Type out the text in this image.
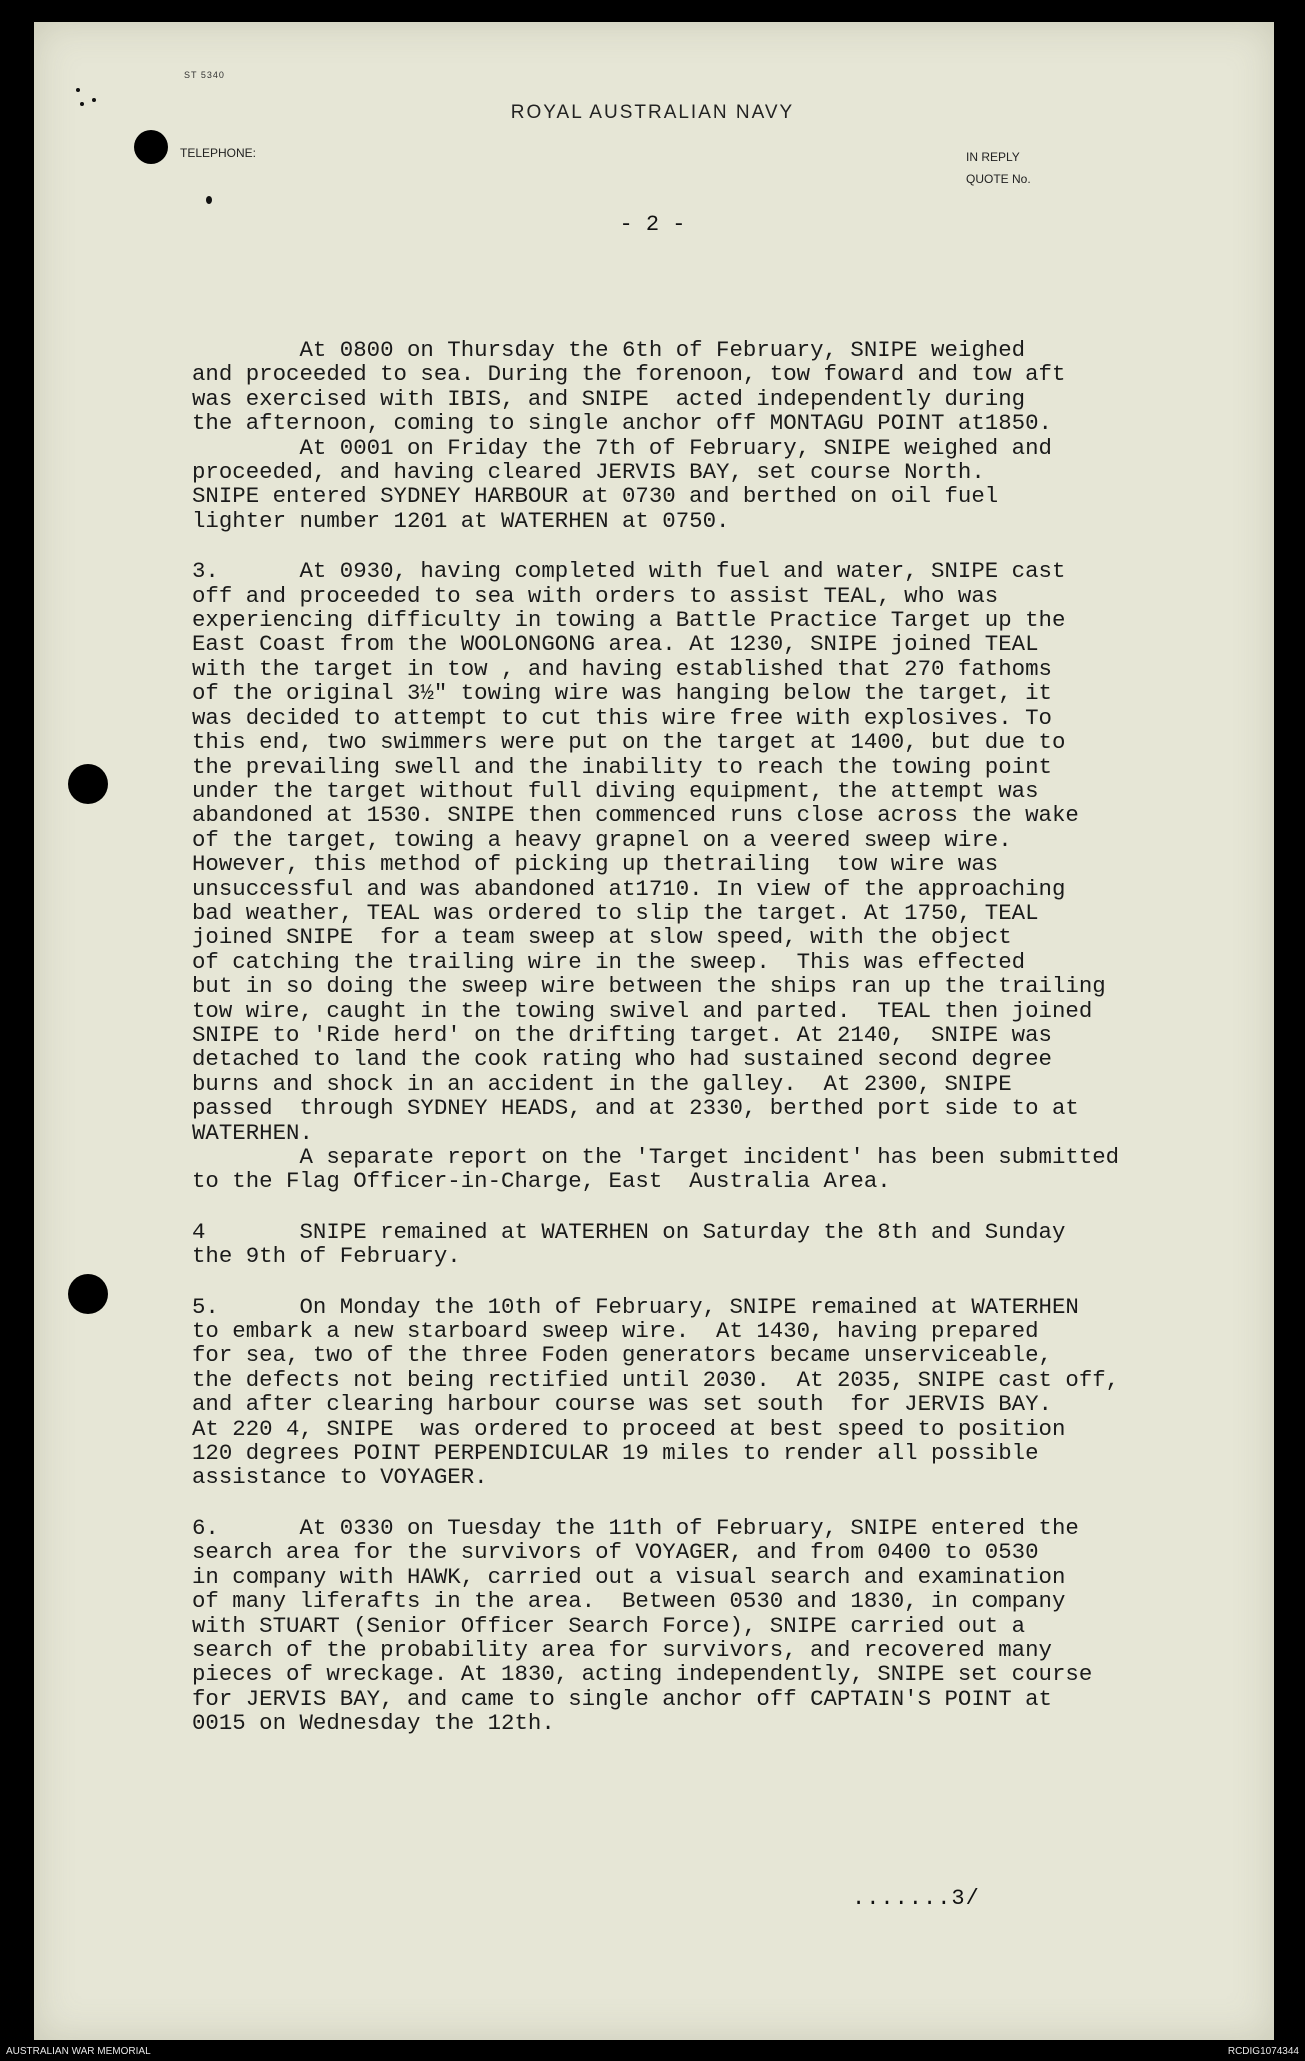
ST 5340
ROYAL AUSTRALIAN NAVY
TELEPHONE:	IN REPLY
QUOTE No.
- 2 -

At 0800 on Thursday the 6th of February, SNIPE weighed
and proceeded to sea. During the forenoon, tow foward and tow aft
was exercised with IBIS, and SNIPE  acted independently during
the afternoon, coming to single anchor off MONTAGU POINT at1850.
At 0001 on Friday the 7th of February, SNIPE weighed and
proceeded, and having cleared JERVIS BAY, set course North.
SNIPE entered SYDNEY HARBOUR at 0730 and berthed on oil fuel
lighter number 1201 at WATERHEN at 0750.

3.      At 0930, having completed with fuel and water, SNIPE cast
off and proceeded to sea with orders to assist TEAL, who was
experiencing difficulty in towing a Battle Practice Target up the
East Coast from the WOOLONGONG area. At 1230, SNIPE joined TEAL
with the target in tow , and having established that 270 fathoms
of the original 3½" towing wire was hanging below the target, it
was decided to attempt to cut this wire free with explosives. To
this end, two swimmers were put on the target at 1400, but due to
the prevailing swell and the inability to reach the towing point
under the target without full diving equipment, the attempt was
abandoned at 1530. SNIPE then commenced runs close across the wake
of the target, towing a heavy grapnel on a veered sweep wire.
However, this method of picking up thetrailing  tow wire was
unsuccessful and was abandoned at1710. In view of the approaching
bad weather, TEAL was ordered to slip the target. At 1750, TEAL
joined SNIPE  for a team sweep at slow speed, with the object
of catching the trailing wire in the sweep.  This was effected
but in so doing the sweep wire between the ships ran up the trailing
tow wire, caught in the towing swivel and parted.  TEAL then joined
SNIPE to 'Ride herd' on the drifting target. At 2140,  SNIPE was
detached to land the cook rating who had sustained second degree
burns and shock in an accident in the galley.  At 2300, SNIPE
passed  through SYDNEY HEADS, and at 2330, berthed port side to at
WATERHEN.
A separate report on the 'Target incident' has been submitted
to the Flag Officer-in-Charge, East  Australia Area.

4       SNIPE remained at WATERHEN on Saturday the 8th and Sunday
the 9th of February.

5.      On Monday the 10th of February, SNIPE remained at WATERHEN
to embark a new starboard sweep wire.  At 1430, having prepared
for sea, two of the three Foden generators became unserviceable,
the defects not being rectified until 2030.  At 2035, SNIPE cast off,
and after clearing harbour course was set south  for JERVIS BAY.
At 220 4, SNIPE  was ordered to proceed at best speed to position
120 degrees POINT PERPENDICULAR 19 miles to render all possible
assistance to VOYAGER.

6.      At 0330 on Tuesday the 11th of February, SNIPE entered the
search area for the survivors of VOYAGER, and from 0400 to 0530
in company with HAWK, carried out a visual search and examination
of many liferafts in the area.  Between 0530 and 1830, in company
with STUART (Senior Officer Search Force), SNIPE carried out a
search of the probability area for survivors, and recovered many
pieces of wreckage. At 1830, acting independently, SNIPE set course
for JERVIS BAY, and came to single anchor off CAPTAIN'S POINT at
0015 on Wednesday the 12th.

.......3/
AUSTRALIAN WAR MEMORIAL	RCDIG1074344
